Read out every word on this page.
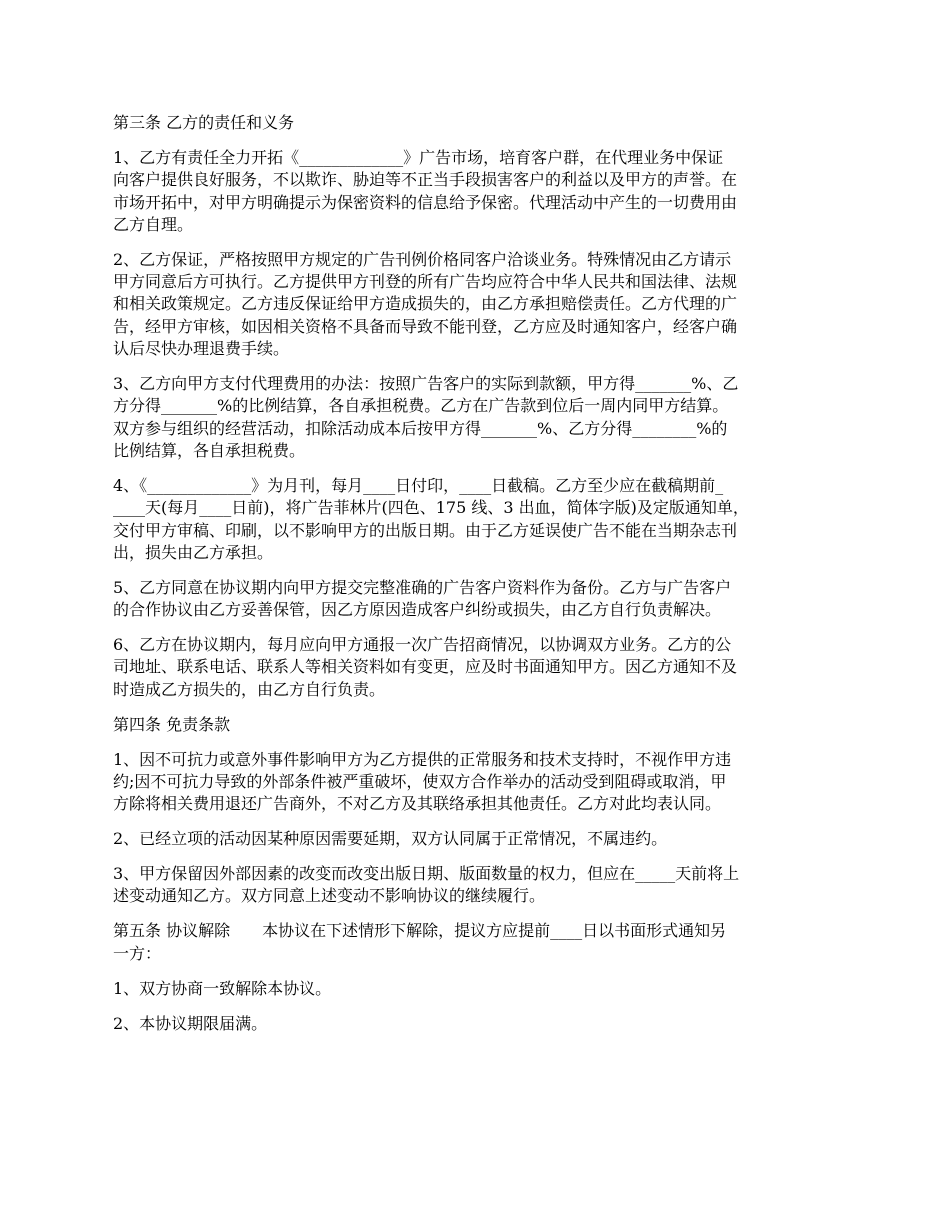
第三条 乙方的责任和义务

1、乙方有责任全力开拓《_____________》广告市场，培育客户群，在代理业务中保证
向客户提供良好服务，不以欺诈、胁迫等不正当手段损害客户的利益以及甲方的声誉。在
市场开拓中，对甲方明确提示为保密资料的信息给予保密。代理活动中产生的一切费用由
乙方自理。

2、乙方保证，严格按照甲方规定的广告刊例价格同客户洽谈业务。特殊情况由乙方请示
甲方同意后方可执行。乙方提供甲方刊登的所有广告均应符合中华人民共和国法律、法规
和相关政策规定。乙方违反保证给甲方造成损失的，由乙方承担赔偿责任。乙方代理的广
告，经甲方审核，如因相关资格不具备而导致不能刊登，乙方应及时通知客户，经客户确
认后尽快办理退费手续。

3、乙方向甲方支付代理费用的办法：按照广告客户的实际到款额，甲方得_______%、乙
方分得_______%的比例结算，各自承担税费。乙方在广告款到位后一周内同甲方结算。
双方参与组织的经营活动，扣除活动成本后按甲方得_______%、乙方分得________%的
比例结算，各自承担税费。

4、《_____________》为月刊，每月____日付印，____日截稿。乙方至少应在截稿期前_
____天(每月____日前)，将广告菲林片(四色、175 线、3 出血，简体字版)及定版通知单，
交付甲方审稿、印刷，以不影响甲方的出版日期。由于乙方延误使广告不能在当期杂志刊
出，损失由乙方承担。

5、乙方同意在协议期内向甲方提交完整准确的广告客户资料作为备份。乙方与广告客户
的合作协议由乙方妥善保管，因乙方原因造成客户纠纷或损失，由乙方自行负责解决。

6、乙方在协议期内，每月应向甲方通报一次广告招商情况，以协调双方业务。乙方的公
司地址、联系电话、联系人等相关资料如有变更，应及时书面通知甲方。因乙方通知不及
时造成乙方损失的，由乙方自行负责。

第四条 免责条款

1、因不可抗力或意外事件影响甲方为乙方提供的正常服务和技术支持时，不视作甲方违
约;因不可抗力导致的外部条件被严重破坏，使双方合作举办的活动受到阻碍或取消，甲
方除将相关费用退还广告商外，不对乙方及其联络承担其他责任。乙方对此均表认同。

2、已经立项的活动因某种原因需要延期，双方认同属于正常情况，不属违约。

3、甲方保留因外部因素的改变而改变出版日期、版面数量的权力，但应在_____天前将上
述变动通知乙方。双方同意上述变动不影响协议的继续履行。

第五条 协议解除　　本协议在下述情形下解除，提议方应提前____日以书面形式通知另
一方：

1、双方协商一致解除本协议。

2、本协议期限届满。
